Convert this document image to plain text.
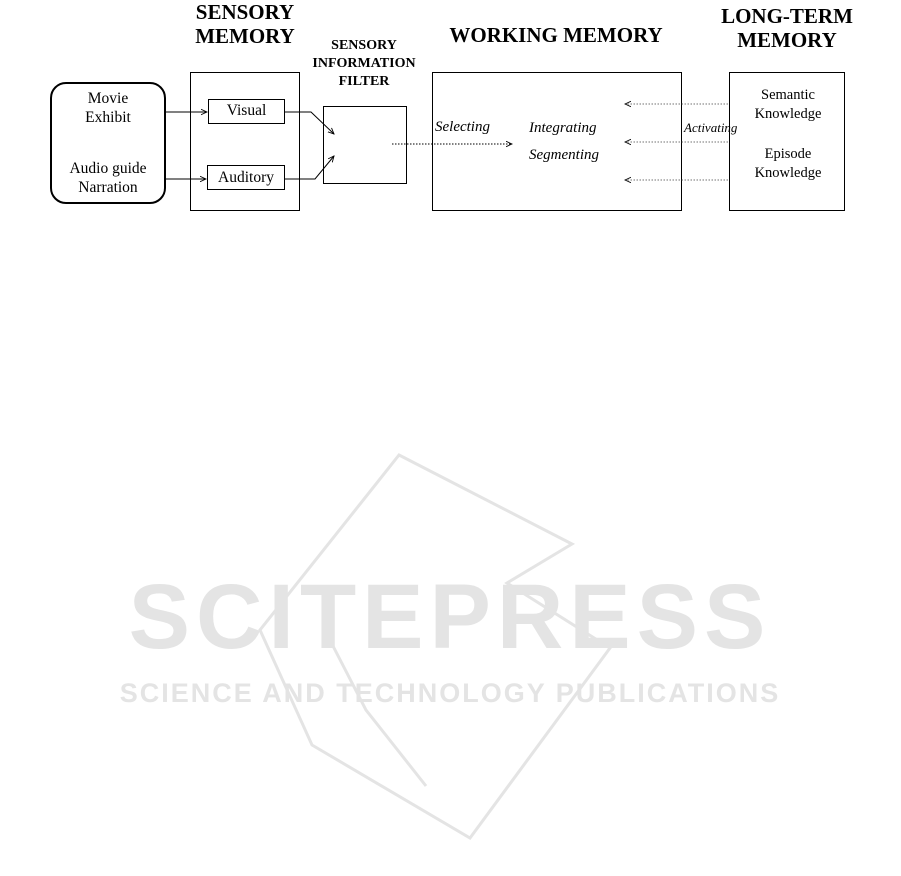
SENSORY
MEMORY	SENSORY
INFORMATION
FILTER
WORKING MEMORY
LONG-TERM
MEMORY
Movie
Exhibit
Audio guide
Narration
Visual
Auditory
Selecting	Integrating
Segmenting
Activating
Semantic
Knowledge
Episode
Knowledge
SCITEPRESS
SCIENCE AND TECHNOLOGY PUBLICATIONS
